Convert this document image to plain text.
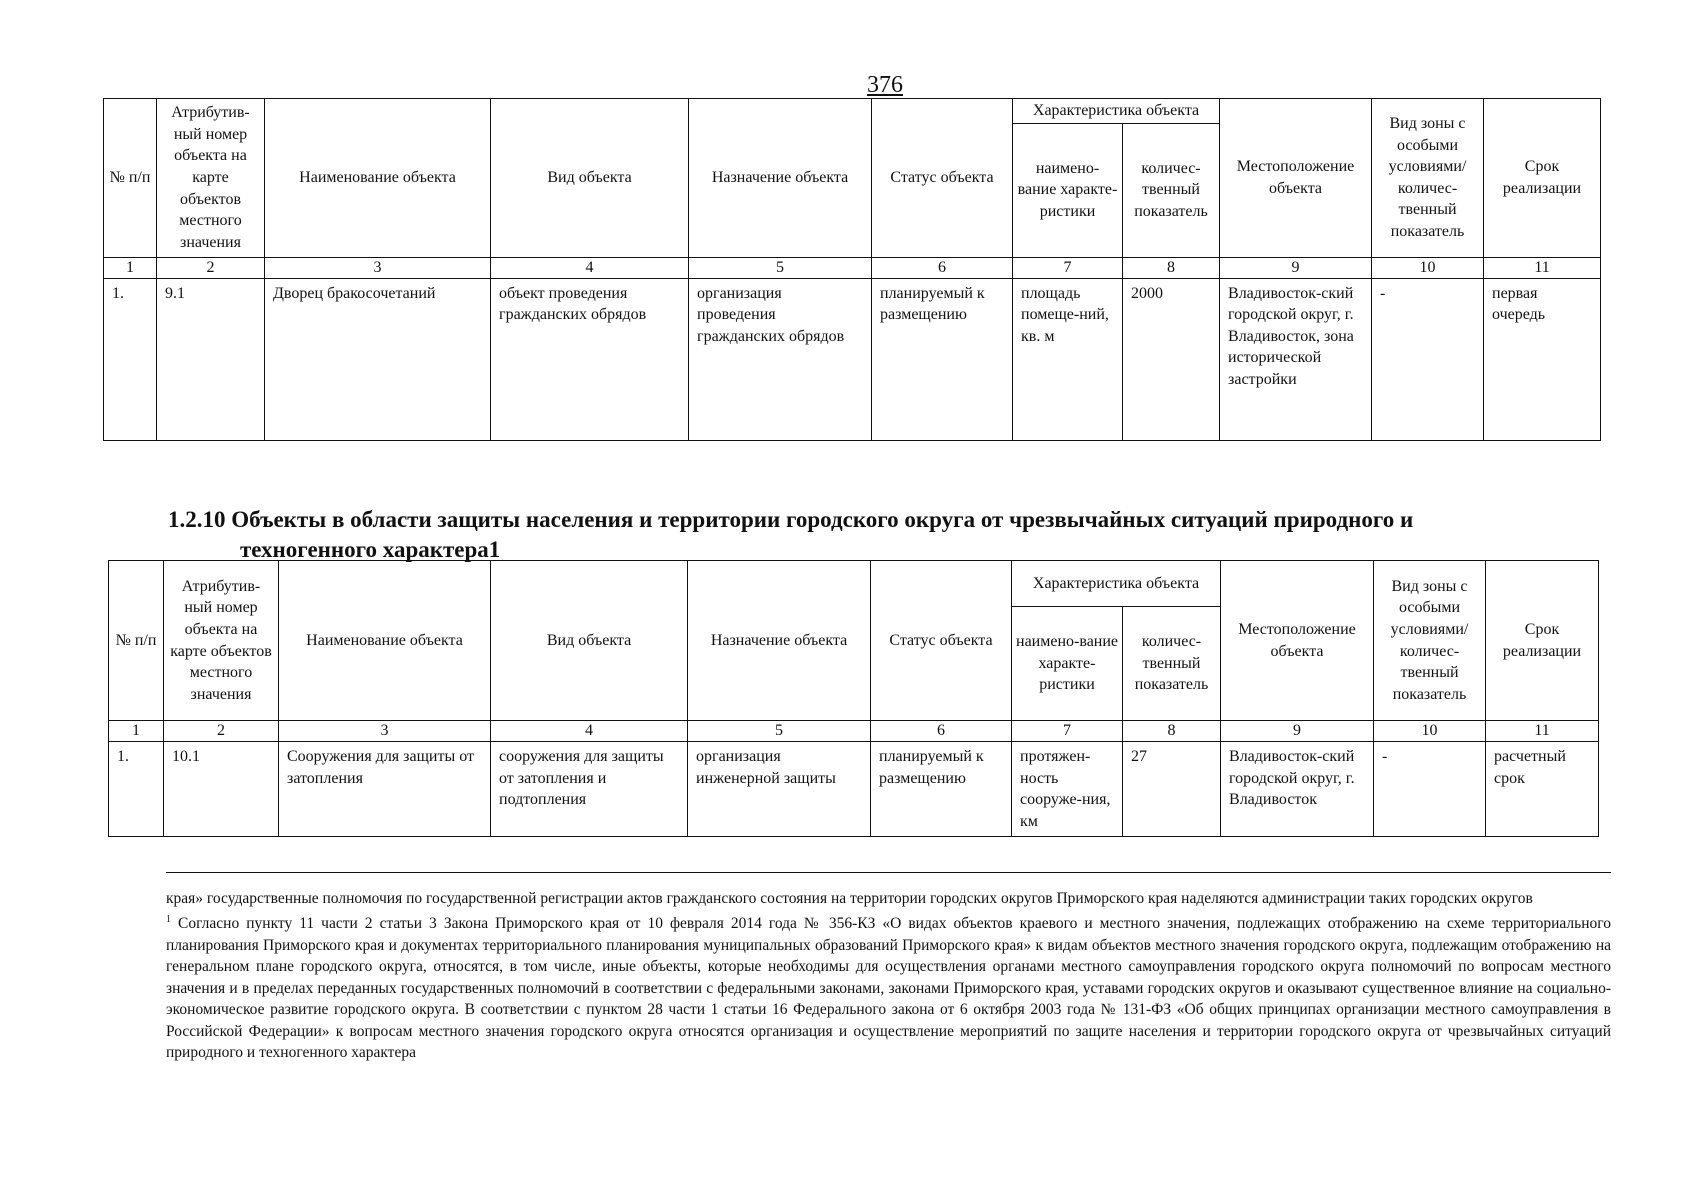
376
№ п/п	Атрибутив-ный номер объекта на карте объектов местного значения	Наименование объекта	Вид объекта	Назначение объекта	Статус объекта	Характеристика объекта		Местоположение объекта	Вид зоны с особыми условиями/ количес-твенный показатель	Срок реализации
						наимено-вание характе-ристики	количес-твенный показатель			
1	2	3	4	5	6	7	8	9	10	11
1.	9.1	Дворец бракосочетаний	объект проведения гражданских обрядов	организация проведения гражданских обрядов	планируемый к размещению	площадь помеще-ний, кв. м	2000	Владивосток-ский городской округ, г. Владивосток, зона исторической застройки	-	первая очередь
1.2.10 Объекты в области защиты населения и территории городского округа от чрезвычайных ситуаций природного и
техногенного характера1
№ п/п	Атрибутив-ный номер объекта на карте объектов местного значения	Наименование объекта	Вид объекта	Назначение объекта	Статус объекта	Характеристика объекта		Местоположение объекта	Вид зоны с особыми условиями/ количес-твенный показатель	Срок реализации
						наимено-вание характе-ристики	количес-твенный показатель			
1	2	3	4	5	6	7	8	9	10	11
1.	10.1	Сооружения для защиты от затопления	сооружения для защиты от затопления и подтопления	организация инженерной защиты	планируемый к размещению	протяжен-ность сооруже-ния, км	27	Владивосток-ский городской округ, г. Владивосток	-	расчетный срок

края» государственные полномочия по государственной регистрации актов гражданского состояния на территории городских округов Приморского края наделяются администрации таких городских округов

$^1$ Согласно пункту 11 части 2 статьи 3 Закона Приморского края от 10 февраля 2014 года № 356-КЗ «О видах объектов краевого и местного значения, подлежащих отображению на схеме территориального планирования Приморского края и документах территориального планирования муниципальных образований Приморского края» к видам объектов местного значения городского округа, подлежащим отображению на генеральном плане городского округа, относятся, в том числе, иные объекты, которые необходимы для осуществления органами местного самоуправления городского округа полномочий по вопросам местного значения и в пределах переданных государственных полномочий в соответствии с федеральными законами, законами Приморского края, уставами городских округов и оказывают существенное влияние на социально-экономическое развитие городского округа. В соответствии с пунктом 28 части 1 статьи 16 Федерального закона от 6 октября 2003 года № 131-ФЗ «Об общих принципах организации местного самоуправления в Российской Федерации» к вопросам местного значения городского округа относятся организация и осуществление мероприятий по защите населения и территории городского округа от чрезвычайных ситуаций природного и техногенного характера
